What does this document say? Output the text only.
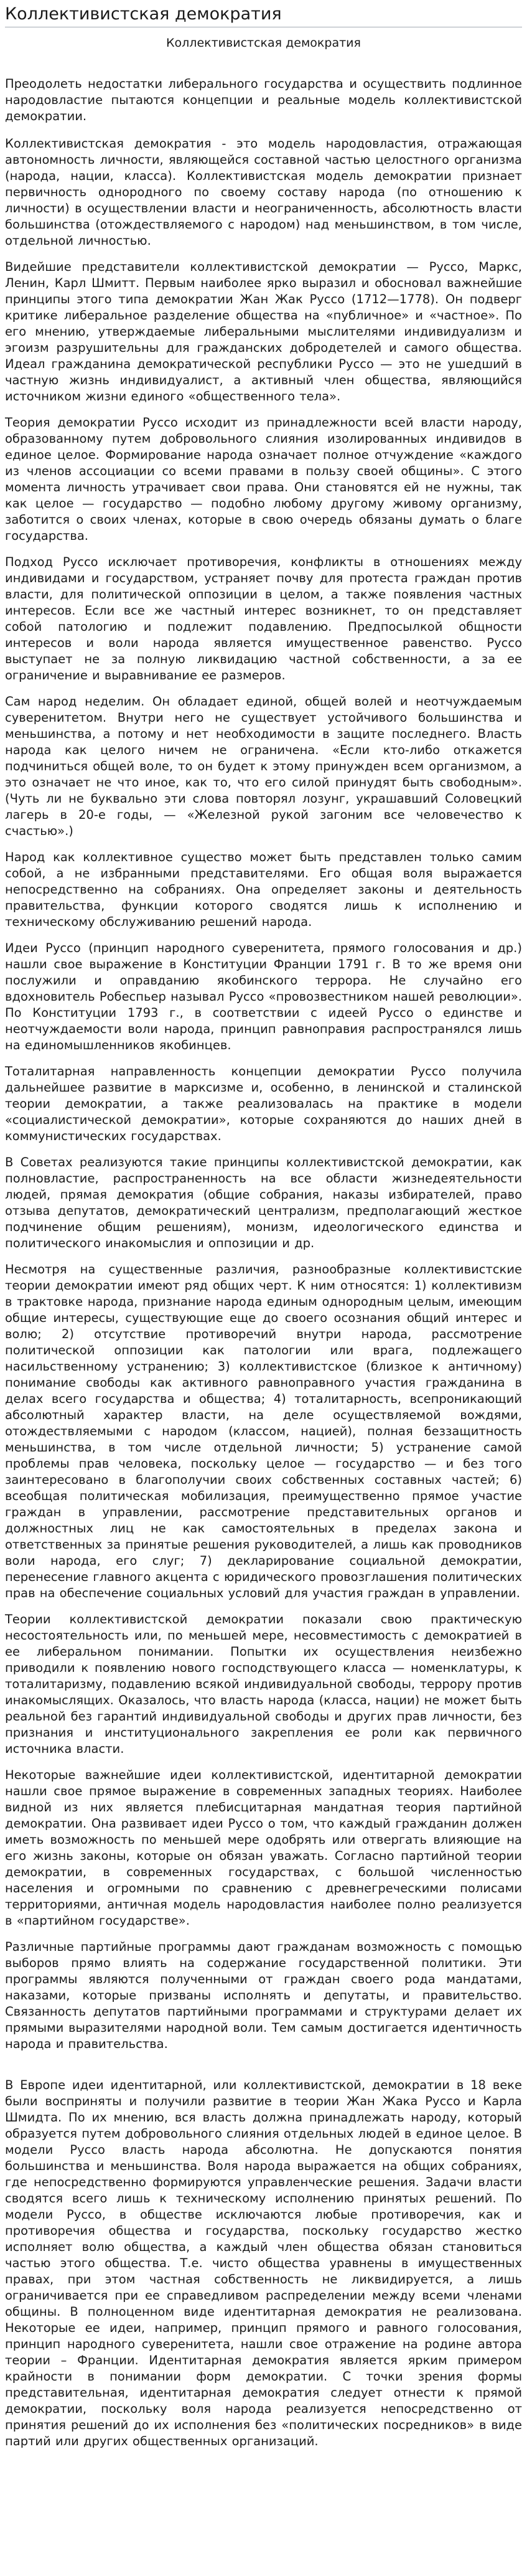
Коллективистская демократия
Коллективистская демократия

Преодолеть недостатки либерального государства и осуществить подлинное народовластие пытаются концепции и реальные модель коллективистской демократии.

Коллективистская демократия - это модель народовластия, отражающая автономность личности, являющейся составной частью целостного организма (народа, нации, класса). Коллективистская модель демократии признает первичность однородного по своему составу народа (по отношению к личности) в осуществлении власти и неограниченность, абсолютность власти большинства (отождествляемого с народом) над меньшинством, в том числе, отдельной личностью.

Видейшие представители коллективистской демократии — Руссо, Маркс, Ленин, Карл Шмитт. Первым наиболее ярко выразил и обосновал важнейшие принципы этого типа демократии Жан Жак Руссо (1712—1778). Он подверг критике либеральное разделение общества на «публичное» и «частное». По его мнению, утверждаемые либеральными мыслителями индивидуализм и эгоизм разрушительны для гражданских добродетелей и самого общества. Идеал гражданина демократической республики Руссо — это не ушедший в частную жизнь индивидуалист, а активный член общества, являющийся источником жизни единого «общественного тела».

Теория демократии Руссо исходит из принадлежности всей власти народу, образованному путем добровольного слияния изолированных индивидов в единое целое. Формирование народа означает полное отчуждение «каждого из членов ассоциации со всеми правами в пользу своей общины». С этого момента личность утрачивает свои права. Они становятся ей не нужны, так как целое — государство — подобно любому другому живому организму, заботится о своих членах, которые в свою очередь обязаны думать о благе государства.

Подход Руссо исключает противоречия, конфликты в отношениях между индивидами и государством, устраняет почву для протеста граждан против власти, для политической оппозиции в целом, а также появления частных интересов. Если все же частный интерес возникнет, то он представляет собой патологию и подлежит подавлению. Предпосылкой общности интересов и воли народа является имущественное равенство. Руссо выступает не за полную ликвидацию частной собственности, а за ее ограничение и выравнивание ее размеров.

Сам народ неделим. Он обладает единой, общей волей и неотчуждаемым суверенитетом. Внутри него не существует устойчивого большинства и меньшинства, а потому и нет необходимости в защите последнего. Власть народа как целого ничем не ограничена. «Если кто-либо откажется подчиниться общей воле, то он будет к этому принужден всем организмом, а это означает не что иное, как то, что его силой принудят быть свободным». (Чуть ли не буквально эти слова повторял лозунг, украшавший Соловецкий лагерь в 20-е годы, — «Железной рукой загоним все человечество к счастью».)

Народ как коллективное существо может быть представлен только самим собой, а не избранными представителями. Его общая воля выражается непосредственно на собраниях. Она определяет законы и деятельность правительства, функции которого сводятся лишь к исполнению и техническому обслуживанию решений народа.

Идеи Руссо (принцип народного суверенитета, прямого голосования и др.) нашли свое выражение в Конституции Франции 1791 г. В то же время они послужили и оправданию якобинского террора. Не случайно его вдохновитель Робеспьер называл Руссо «провозвестником нашей революции». По Конституции 1793 г., в соответствии с идеей Руссо о единстве и неотчуждаемости воли народа, принцип равноправия распространялся лишь на единомышленников якобинцев.

Тоталитарная направленность концепции демократии Руссо получила дальнейшее развитие в марксизме и, особенно, в ленинской и сталинской теории демократии, а также реализовалась на практике в модели «социалистической демократии», которые сохраняются до наших дней в коммунистических государствах.

В Советах реализуются такие принципы коллективистской демократии, как полновластие, распространенность на все области жизнедеятельности людей, прямая демократия (общие собрания, наказы избирателей, право отзыва депутатов, демократический централизм, предполагающий жесткое подчинение общим решениям), монизм, идеологического единства и политического инакомыслия и оппозиции и др.

Несмотря на существенные различия, разнообразные коллективистские теории демократии имеют ряд общих черт. К ним относятся: 1) коллективизм в трактовке народа, признание народа единым однородным целым, имеющим общие интересы, существующие еще до своего осознания общий интерес и волю; 2) отсутствие противоречий внутри народа, рассмотрение политической оппозиции как патологии или врага, подлежащего насильственному устранению; 3) коллективистское (близкое к античному) понимание свободы как активного равноправного участия гражданина в делах всего государства и общества; 4) тоталитарность, всепроникающий абсолютный характер власти, на деле осуществляемой вождями, отождествляемыми с народом (классом, нацией), полная беззащитность меньшинства, в том числе отдельной личности; 5) устранение самой проблемы прав человека, поскольку целое — государство — и без того заинтересовано в благополучии своих собственных составных частей; 6) всеобщая политическая мобилизация, преимущественно прямое участие граждан в управлении, рассмотрение представительных органов и должностных лиц не как самостоятельных в пределах закона и ответственных за принятые решения руководителей, а лишь как проводников воли народа, его слуг; 7) декларирование социальной демократии, перенесение главного акцента с юридического провозглашения политических прав на обеспечение социальных условий для участия граждан в управлении.

Теории коллективистской демократии показали свою практическую несостоятельность или, по меньшей мере, несовместимость с демократией в ее либеральном понимании. Попытки их осуществления неизбежно приводили к появлению нового господствующего класса — номенклатуры, к тоталитаризму, подавлению всякой индивидуальной свободы, террору против инакомыслящих. Оказалось, что власть народа (класса, нации) не может быть реальной без гарантий индивидуальной свободы и других прав личности, без признания и институционального закрепления ее роли как первичного источника власти.

Некоторые важнейшие идеи коллективистской, идентитарной демократии нашли свое прямое выражение в современных западных теориях. Наиболее видной из них является плебисцитарная мандатная теория партийной демократии. Она развивает идеи Руссо о том, что каждый гражданин должен иметь возможность по меньшей мере одобрять или отвергать влияющие на его жизнь законы, которые он обязан уважать. Согласно партийной теории демократии, в современных государствах, с большой численностью населения и огромными по сравнению с древнегреческими полисами территориями, античная модель народовластия наиболее полно реализуется в «партийном государстве».

Различные партийные программы дают гражданам возможность с помощью выборов прямо влиять на содержание государственной политики. Эти программы являются полученными от граждан своего рода мандатами, наказами, которые призваны исполнять и депутаты, и правительство. Связанность депутатов партийными программами и структурами делает их прямыми выразителями народной воли. Тем самым достигается идентичность народа и правительства.

В Европе идеи идентитарной, или коллективистской, демократии в 18 веке были восприняты и получили развитие в теории Жан Жака Руссо и Карла Шмидта. По их мнению, вся власть должна принадлежать народу, который образуется путем добровольного слияния отдельных людей в единое целое. В модели Руссо власть народа абсолютна. Не допускаются понятия большинства и меньшинства. Воля народа выражается на общих собраниях, где непосредственно формируются управленческие решения. Задачи власти сводятся всего лишь к техническому исполнению принятых решений. По модели Руссо, в обществе исключаются любые противоречия, как и противоречия общества и государства, поскольку государство жестко исполняет волю общества, а каждый член общества обязан становиться частью этого общества. Т.е. чисто общества уравнены в имущественных правах, при этом частная собственность не ликвидируется, а лишь ограничивается при ее справедливом распределении между всеми членами общины. В полноценном виде идентитарная демократия не реализована. Некоторые ее идеи, например, принцип прямого и равного голосования, принцип народного суверенитета, нашли свое отражение на родине автора теории – Франции. Идентитарная демократия является ярким примером крайности в понимании форм демократии. С точки зрения формы представительная, идентитарная демократия следует отнести к прямой демократии, поскольку воля народа реализуется непосредственно от принятия решений до их исполнения без «политических посредников» в виде партий или других общественных организаций.
